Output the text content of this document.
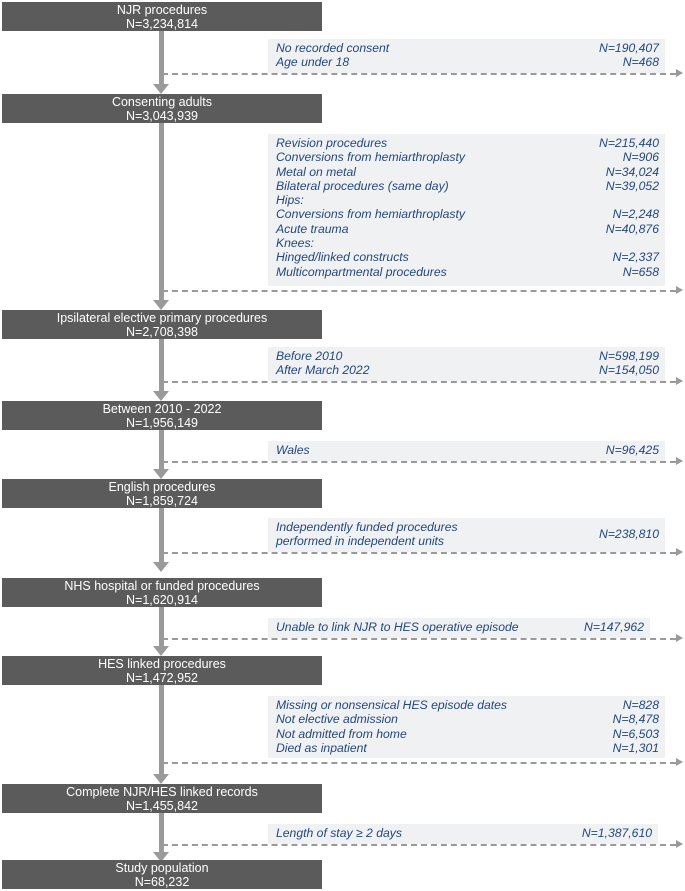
NJR procedures
N=3,234,814
No recorded consent	N=190,407
Age under 18	N=468
Consenting adults
N=3,043,939
Revision procedures	N=215,440
Conversions from hemiarthroplasty	N=906
Metal on metal	N=34,024
Bilateral procedures (same day)	N=39,052
Hips:
Conversions from hemiarthroplasty	N=2,248
Acute trauma	N=40,876
Knees:
Hinged/linked constructs	N=2,337
Multicompartmental procedures	N=658
Ipsilateral elective primary procedures
N=2,708,398
Before 2010	N=598,199
After March 2022	N=154,050
Between 2010 - 2022
N=1,956,149
Wales	N=96,425
English procedures
N=1,859,724
Independently funded procedures
performed in independent units
N=238,810
NHS hospital or funded procedures
N=1,620,914
Unable to link NJR to HES operative episode	N=147,962
HES linked procedures
N=1,472,952
Missing or nonsensical HES episode dates	N=828
Not elective admission	N=8,478
Not admitted from home	N=6,503
Died as inpatient	N=1,301
Complete NJR/HES linked records
N=1,455,842
Length of stay ≥ 2 days	N=1,387,610
Study population
N=68,232
